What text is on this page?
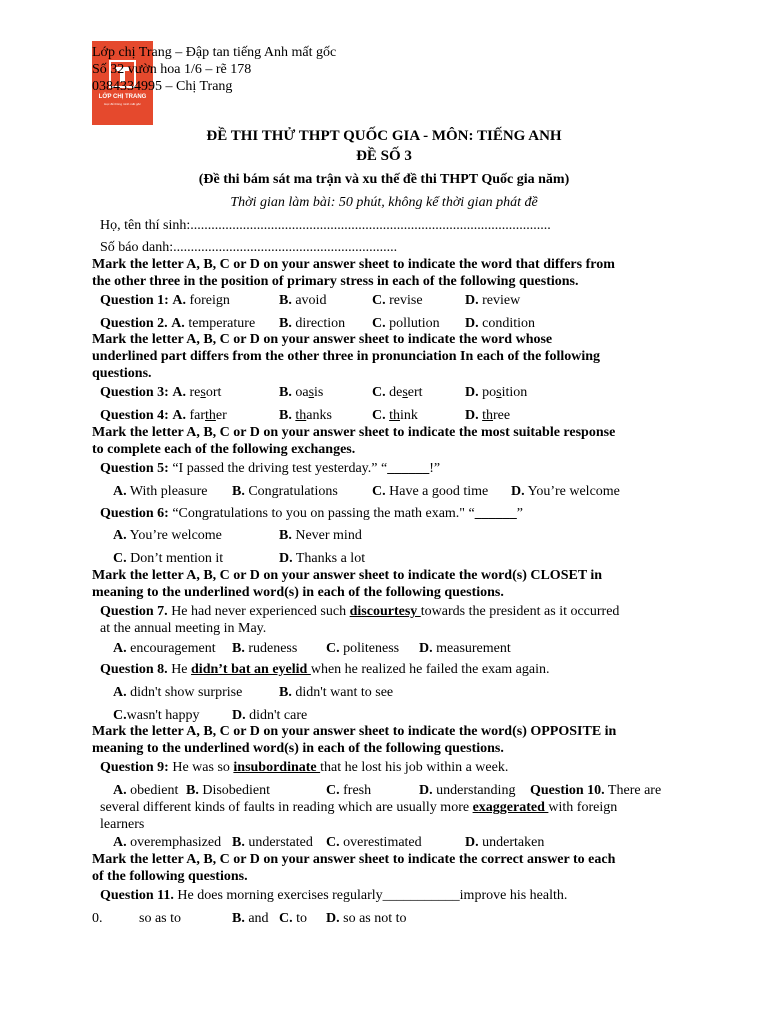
LỚP CHỊ TRANG
Học để thông minh mất gốc
Lớp chị Trang – Đập tan tiếng Anh mất gốc
Số 32 vườn hoa 1/6 – rẽ 178
0384334995 – Chị Trang
ĐỀ THI THỬ THPT QUỐC GIA - MÔN: TIẾNG ANH
ĐỀ SỐ 3
(Đề thi bám sát ma trận và xu thế đề thi THPT Quốc gia năm)
Thời gian làm bài: 50 phút, không kể thời gian phát đề
Họ, tên thí sinh:.......................................................................................................
Số báo danh:................................................................
Mark the letter A, B, C or D on your answer sheet to indicate the word that differs from
the other three in the position of primary stress in each of the following questions.
Question 1: A. foreign	B. avoid	C. revise	D. review
Question 2. A. temperature B. direction C. pollution D. condition
Mark the letter A, B, C or D on your answer sheet to indicate the word whose
underlined part differs from the other three in pronunciation In each of the following
questions.
Question 3: A. resort	B. oasis	C. desert	D. position
Question 4: A. farther	B. thanks	C. think	D. three
Mark the letter A, B, C or D on your answer sheet to indicate the most suitable response
to complete each of the following exchanges.
Question 5: “I passed the driving test yesterday.” “______!”
A. With pleasure B. Congratulations C. Have a good time D. You’re welcome
Question 6: “Congratulations to you on passing the math exam." “______”
A. You’re welcome	B. Never mind
C. Don’t mention it	D. Thanks a lot
Mark the letter A, B, C or D on your answer sheet to indicate the word(s) CLOSET in
meaning to the underlined word(s) in each of the following questions.
Question 7. He had never experienced such discourtesy towards the president as it occurred
at the annual meeting in May.
A. encouragement B. rudeness C. politeness D. measurement
Question 8. He didn’t bat an eyelid when he realized he failed the exam again.
A. didn't show surprise	B. didn't want to see
C.wasn't happy D. didn't care
Mark the letter A, B, C or D on your answer sheet to indicate the word(s) OPPOSITE in
meaning to the underlined word(s) in each of the following questions.
Question 9: He was so insubordinate that he lost his job within a week.
A. obedient B. Disobedient	C. fresh	D. understanding Question 10. There are
several different kinds of faults in reading which are usually more exaggerated with foreign
learners
A. overemphasized B. understated C. overestimated	D. undertaken
Mark the letter A, B, C or D on your answer sheet to indicate the correct answer to each
of the following questions.
Question 11. He does morning exercises regularly___________improve his health.
0.	so as to	B. and C. to D. so as not to
